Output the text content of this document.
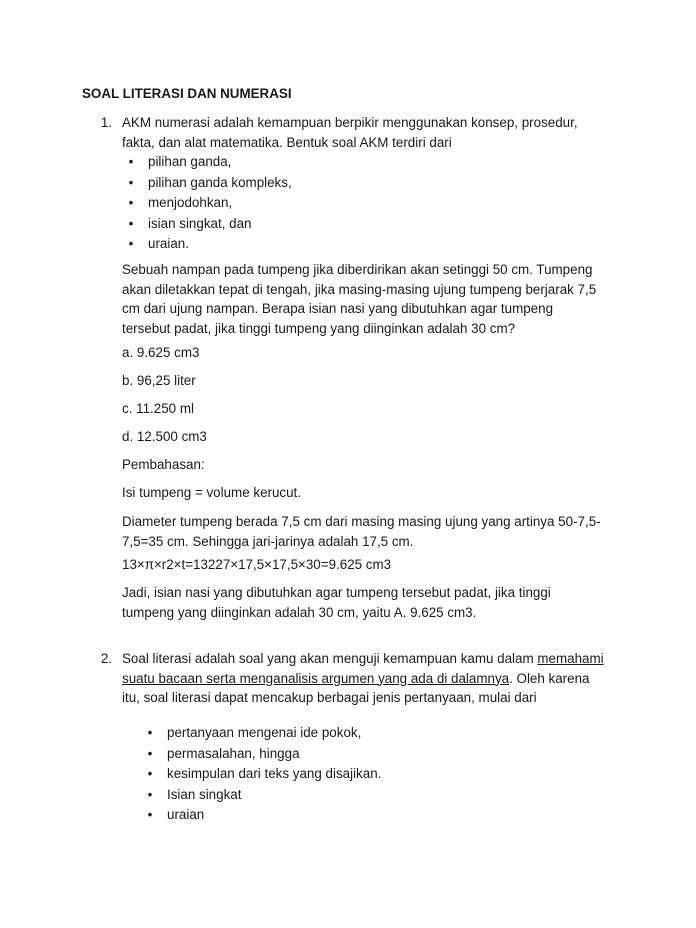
SOAL LITERASI DAN NUMERASI
1. AKM numerasi adalah kemampuan berpikir menggunakan konsep, prosedur,
fakta, dan alat matematika. Bentuk soal AKM terdiri dari
•	pilihan ganda,
•	pilihan ganda kompleks,
•	menjodohkan,
•	isian singkat, dan
•	uraian.
Sebuah nampan pada tumpeng jika diberdirikan akan setinggi 50 cm. Tumpeng
akan diletakkan tepat di tengah, jika masing-masing ujung tumpeng berjarak 7,5
cm dari ujung nampan. Berapa isian nasi yang dibutuhkan agar tumpeng
tersebut padat, jika tinggi tumpeng yang diinginkan adalah 30 cm?
a. 9.625 cm3
b. 96,25 liter
c. 11.250 ml
d. 12.500 cm3
Pembahasan:
Isi tumpeng = volume kerucut.
Diameter tumpeng berada 7,5 cm dari masing masing ujung yang artinya 50-7,5-
7,5=35 cm. Sehingga jari-jarinya adalah 17,5 cm.
13×π×r2×t=13227×17,5×17,5×30=9.625 cm3
Jadi, isian nasi yang dibutuhkan agar tumpeng tersebut padat, jika tinggi
tumpeng yang diinginkan adalah 30 cm, yaitu A. 9.625 cm3.
2. Soal literasi adalah soal yang akan menguji kemampuan kamu dalam memahami
suatu bacaan serta menganalisis argumen yang ada di dalamnya. Oleh karena
itu, soal literasi dapat mencakup berbagai jenis pertanyaan, mulai dari
•	pertanyaan mengenai ide pokok,
•	permasalahan, hingga
•	kesimpulan dari teks yang disajikan.
•	Isian singkat
•	uraian
